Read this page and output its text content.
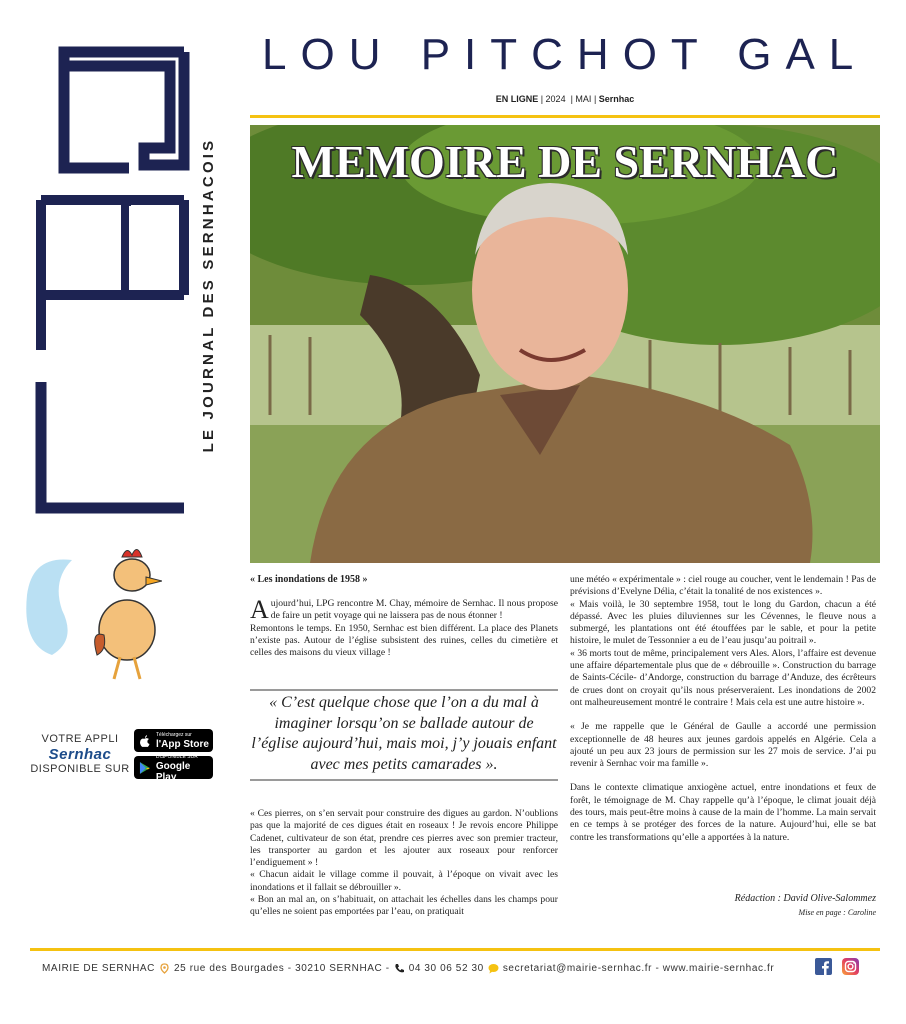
LE JOURNAL DES SERNHACOIS
LOU PITCHOT GAL
EN LIGNE | 2024  | MAI | Sernhac
MEMOIRE DE SERNHAC
VOTRE APPLI
Sernhac
DISPONIBLE SUR
Téléchargez sur
l'App Store
DISPONIBLE SUR
Google Play
« Les inondations de 1958 »

Aujourd’hui, LPG rencontre M. Chay, mémoire de Sernhac. Il nous propose de faire un petit voyage qui ne laissera pas de nous étonner !

Remontons le temps. En 1950, Sernhac est bien différent. La place des Planets n’existe pas. Autour de l’église subsistent des ruines, celles du cimetière et celles des maisons du vieux village !

« C’est quelque chose que l’on a du mal à imaginer lorsqu’on se ballade autour de l’église aujourd’hui, mais moi, j’y jouais enfant avec mes petits camarades ».

« Ces pierres, on s’en servait pour construire des digues au gardon. N’oublions pas que la majorité de ces digues était en roseaux ! Je revois encore Philippe Cadenet, cultivateur de son état, prendre ces pierres avec son premier tracteur, les transporter au gardon et les ajouter aux roseaux pour renforcer l’endiguement » !

« Chacun aidait le village comme il pouvait, à l’époque on vivait avec les inondations et il fallait se débrouiller ».

« Bon an mal an, on s’habituait, on attachait les échelles dans les champs pour qu’elles ne soient pas emportées par l’eau, on pratiquait

une météo « expérimentale » : ciel rouge au coucher, vent le lendemain ! Pas de prévisions d’Evelyne Délia, c’était la tonalité de nos existences ».

« Mais voilà, le 30 septembre 1958, tout le long du Gardon, chacun a été dépassé. Avec les pluies diluviennes sur les Cévennes, le fleuve nous a submergé, les plantations ont été étouffées par le sable, et pour la petite histoire, le mulet de Tessonnier a eu de l’eau jusqu’au poitrail ».

« 36 morts tout de même, principalement vers Ales. Alors, l’affaire est devenue une affaire départementale plus que de « débrouille ». Construction du barrage de Saints-Cécile- d’Andorge, construction du barrage d’Anduze, des écrêteurs de crues dont on croyait qu’ils nous préserveraient. Les inondations de 2002 ont malheureusement montré le contraire ! Mais cela est une autre histoire ».

« Je me rappelle que le Général de Gaulle a accordé une permission exceptionnelle de 48 heures aux jeunes gardois appelés en Algérie. Cela a ajouté un peu aux 23 jours de permission sur les 27 mois de service. J’ai pu revenir à Sernhac voir ma famille ».

Dans le contexte climatique anxiogène actuel, entre inondations et feux de forêt, le témoignage de M. Chay rappelle qu’à l’époque, le climat jouait déjà des tours, mais peut-être moins à cause de la main de l’homme. La main servait en ce temps à se protéger des forces de la nature. Aujourd’hui, elle se bat contre les transformations qu’elle a apportées à la nature.

Rédaction : David Olive-Salommez
Mise en page : Caroline
MAIRIE DE SERNHAC 25 rue des Bourgades - 30210 SERNHAC - 04 30 06 52 30 secretariat@mairie-sernhac.fr - www.mairie-sernhac.fr
